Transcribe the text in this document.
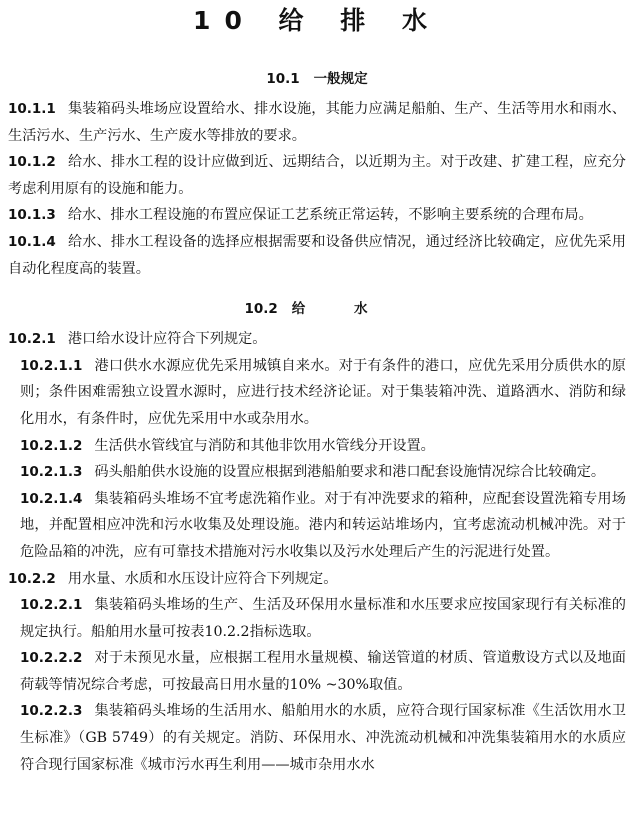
10 给 排 水
10.1 一般规定

10.1.1 集装箱码头堆场应设置给水、排水设施，其能力应满足船舶、生产、生活等用水和雨水、生活污水、生产污水、生产废水等排放的要求。

10.1.2 给水、排水工程的设计应做到近、远期结合，以近期为主。对于改建、扩建工程，应充分考虑利用原有的设施和能力。

10.1.3 给水、排水工程设施的布置应保证工艺系统正常运转，不影响主要系统的合理布局。

10.1.4 给水、排水工程设备的选择应根据需要和设备供应情况，通过经济比较确定，应优先采用自动化程度高的装置。

10.2 给 水

10.2.1 港口给水设计应符合下列规定。

10.2.1.1 港口供水水源应优先采用城镇自来水。对于有条件的港口，应优先采用分质供水的原则；条件困难需独立设置水源时，应进行技术经济论证。对于集装箱冲洗、道路洒水、消防和绿化用水，有条件时，应优先采用中水或杂用水。

10.2.1.2 生活供水管线宜与消防和其他非饮用水管线分开设置。

10.2.1.3 码头船舶供水设施的设置应根据到港船舶要求和港口配套设施情况综合比较确定。

10.2.1.4 集装箱码头堆场不宜考虑洗箱作业。对于有冲洗要求的箱种，应配套设置洗箱专用场地，并配置相应冲洗和污水收集及处理设施。港内和转运站堆场内，宜考虑流动机械冲洗。对于危险品箱的冲洗，应有可靠技术措施对污水收集以及污水处理后产生的污泥进行处置。

10.2.2 用水量、水质和水压设计应符合下列规定。

10.2.2.1 集装箱码头堆场的生产、生活及环保用水量标准和水压要求应按国家现行有关标准的规定执行。船舶用水量可按表10.2.2指标选取。

10.2.2.2 对于未预见水量，应根据工程用水量规模、输送管道的材质、管道敷设方式以及地面荷载等情况综合考虑，可按最高日用水量的10% ~30%取值。

10.2.2.3 集装箱码头堆场的生活用水、船舶用水的水质，应符合现行国家标准《生活饮用水卫生标准》（GB 5749）的有关规定。消防、环保用水、冲洗流动机械和冲洗集装箱用水的水质应符合现行国家标准《城市污水再生利用——城市杂用水水
